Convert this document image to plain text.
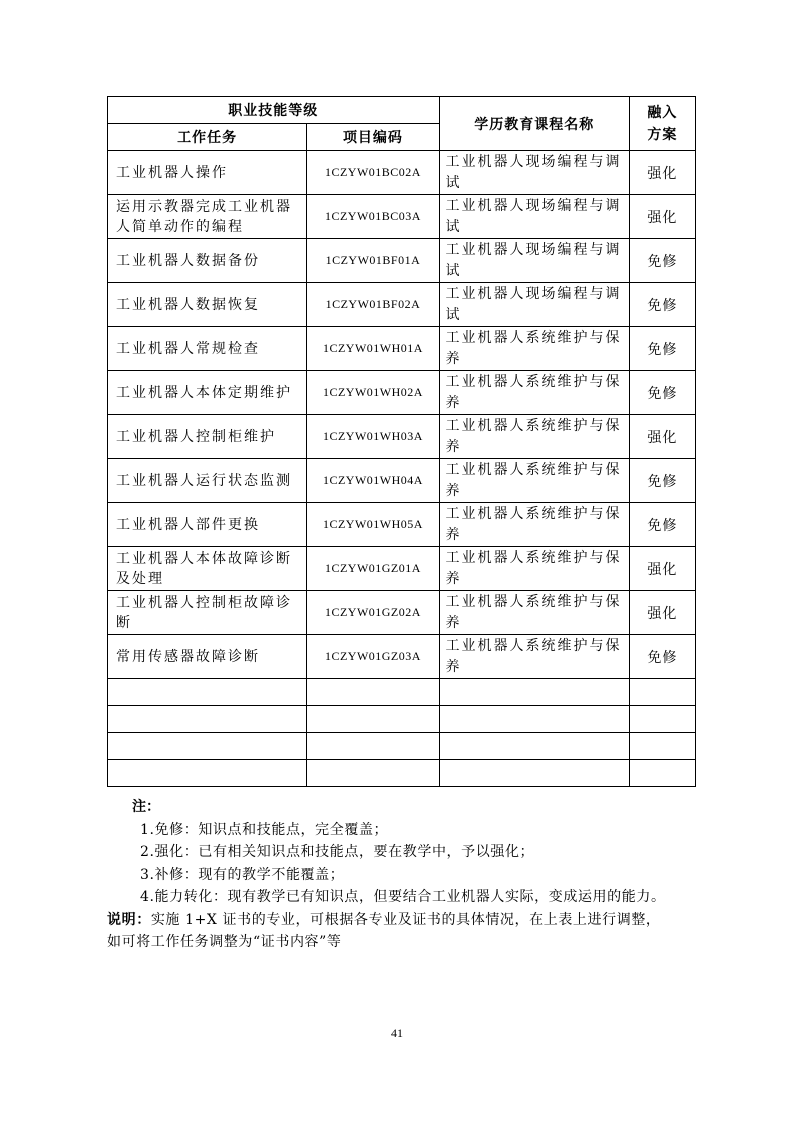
职业技能等级		学历教育课程名称	融入
方案

工作任务	项目编码		
工业机器人操作	1CZYW01BC02A	工业机器人现场编程与调试	强化
运用示教器完成工业机器人简单动作的编程	1CZYW01BC03A	工业机器人现场编程与调试	强化
工业机器人数据备份	1CZYW01BF01A	工业机器人现场编程与调试	免修
工业机器人数据恢复	1CZYW01BF02A	工业机器人现场编程与调试	免修
工业机器人常规检查	1CZYW01WH01A	工业机器人系统维护与保养	免修
工业机器人本体定期维护	1CZYW01WH02A	工业机器人系统维护与保养	免修
工业机器人控制柜维护	1CZYW01WH03A	工业机器人系统维护与保养	强化
工业机器人运行状态监测	1CZYW01WH04A	工业机器人系统维护与保养	免修
工业机器人部件更换	1CZYW01WH05A	工业机器人系统维护与保养	免修
工业机器人本体故障诊断及处理	1CZYW01GZ01A	工业机器人系统维护与保养	强化
工业机器人控制柜故障诊断	1CZYW01GZ02A	工业机器人系统维护与保养	强化
常用传感器故障诊断	1CZYW01GZ03A	工业机器人系统维护与保养	免修

注：
1.免修：知识点和技能点，完全覆盖；
2.强化：已有相关知识点和技能点，要在教学中，予以强化；
3.补修：现有的教学不能覆盖；
4.能力转化：现有教学已有知识点，但要结合工业机器人实际，变成运用的能力。
说明：实施 1+X 证书的专业，可根据各专业及证书的具体情况，在上表上进行调整，
如可将工作任务调整为“证书内容”等
41
